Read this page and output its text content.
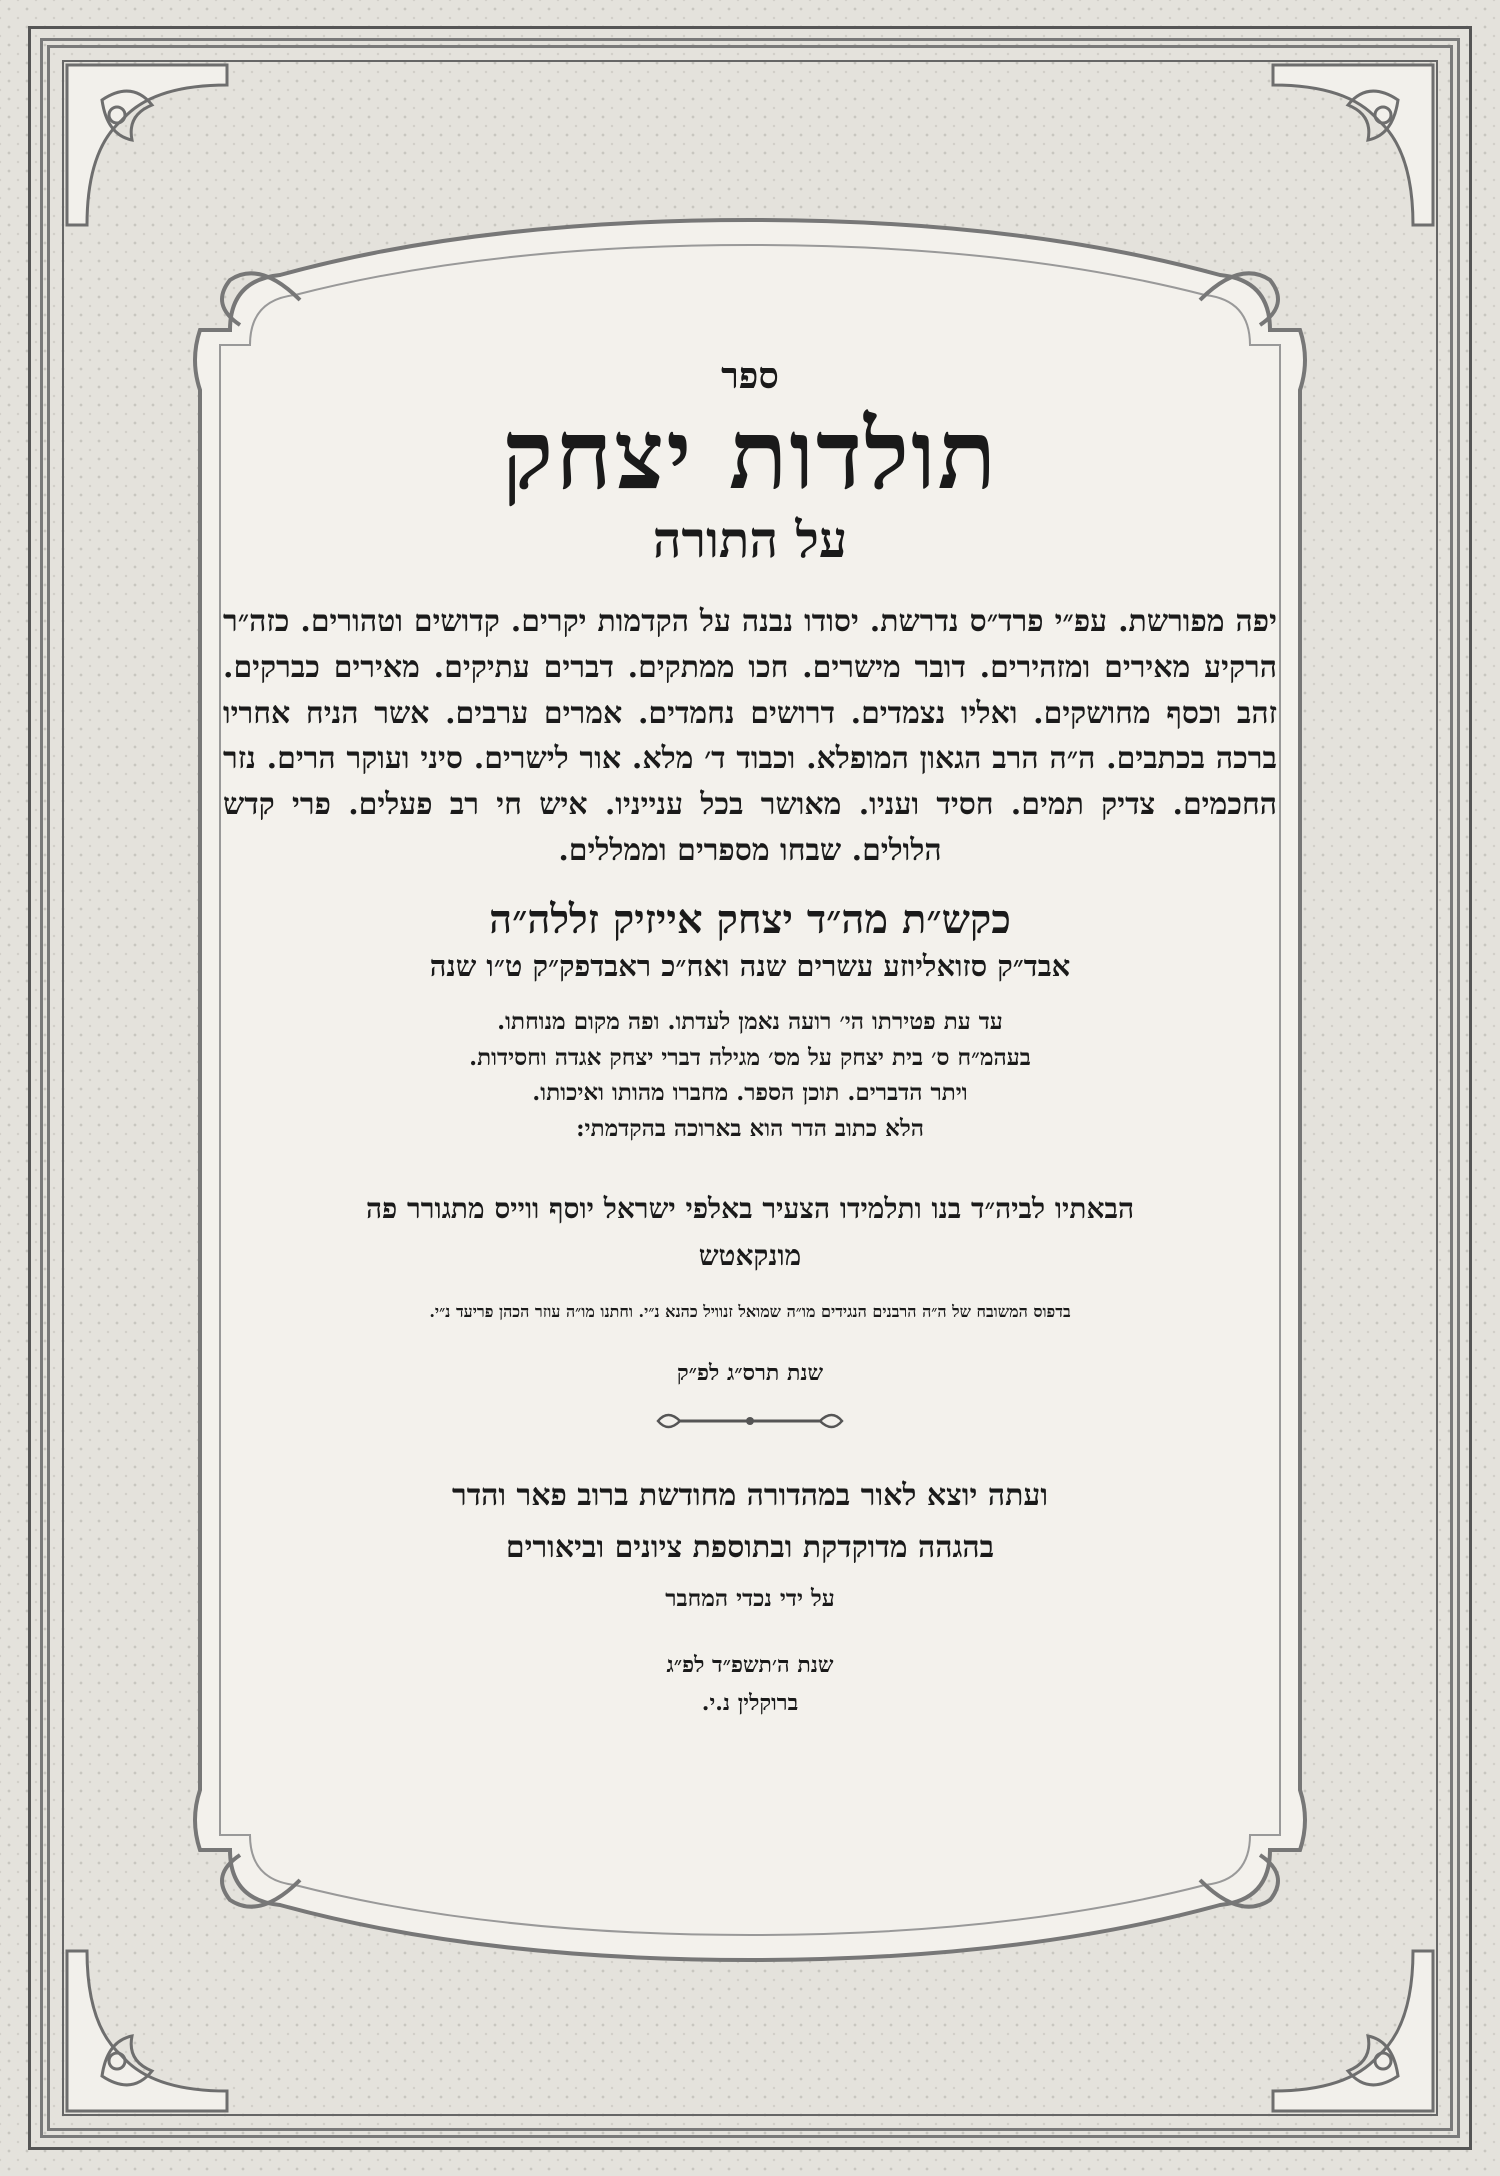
ספר
תולדות יצחק
על התורה

יפה מפורשת. עפ״י פרד״ס נדרשת. יסודו נבנה על הקדמות יקרים. קדושים וטהורים. כזה״ר הרקיע מאירים ומזהירים. דובר מישרים. חכו ממתקים. דברים עתיקים. מאירים כברקים. זהב וכסף מחושקים. ואליו נצמדים. דרושים נחמדים. אמרים ערבים. אשר הניח אחריו ברכה בכתבים. ה״ה הרב הגאון המופלא. וכבוד ד׳ מלא. אור לישרים. סיני ועוקר הרים. נזר החכמים. צדיק תמים. חסיד ועניו. מאושר בכל ענייניו. איש חי רב פעלים. פרי קדש הלולים. שבחו מספרים וממללים.

כקש״ת מה״ד יצחק אייזיק זללה״ה
אבד״ק סזואליוזע עשרים שנה ואח״כ ראבדפק״ק ט״ו שנה
עד עת פטירתו הי׳ רועה נאמן לעדתו. ופה מקום מנוחתו.
בעהמ״ח ס׳ בית יצחק על מס׳ מגילה דברי יצחק אגדה וחסידות.
ויתר הדברים. תוכן הספר. מחברו מהותו ואיכותו.
הלא כתוב הדר הוא בארוכה בהקדמתי:
הבאתיו לביה״ד בנו ותלמידו הצעיר באלפי ישראל יוסף ווייס מתגורר פה
מונקאטש
בדפוס המשובח של ה״ה הרבנים הנגידים מו״ה שמואל זנוויל כהנא נ״י. וחתנו מו״ה עוזר הכהן פריעד נ״י.
שנת תרס״ג לפ״ק
ועתה יוצא לאור במהדורה מחודשת ברוב פאר והדר
בהגהה מדוקדקת ובתוספת ציונים וביאורים
על ידי נכדי המחבר
שנת ה׳תשפ״ד לפ״ג
ברוקלין נ.י.
